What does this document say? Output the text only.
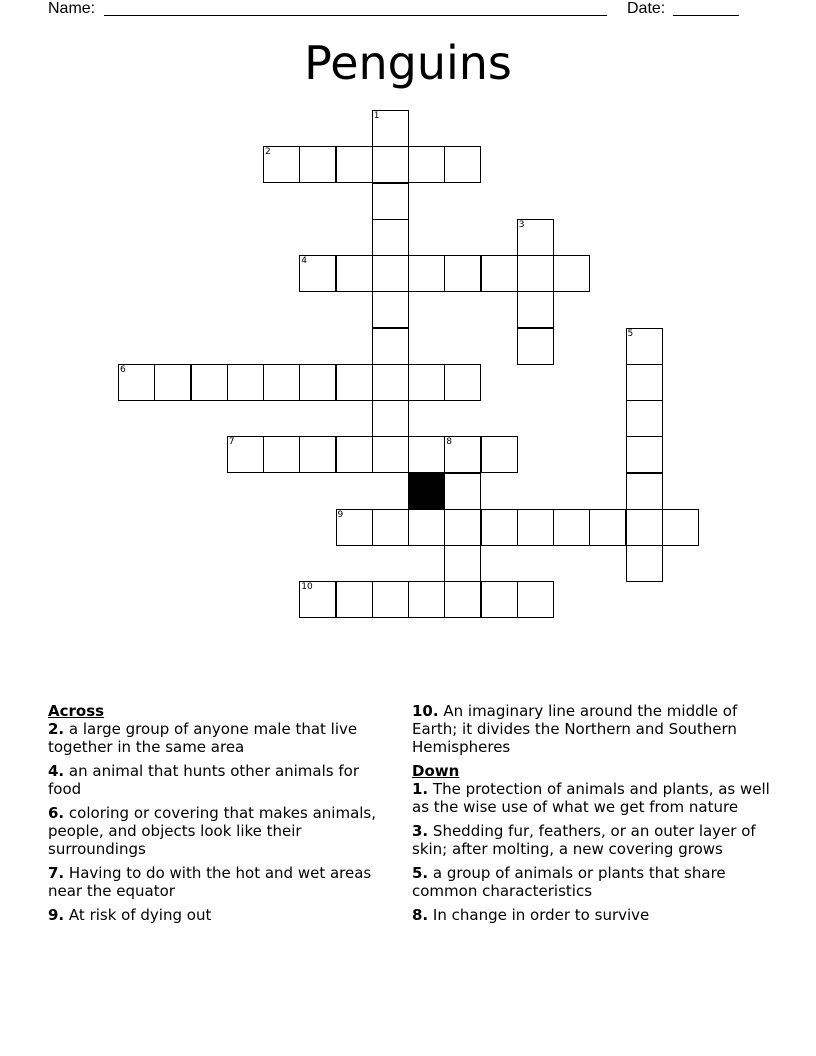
Name:	Date:
Penguins
1
2
3
4
5
6
7	8
9
10

Across

2. a large group of anyone male that live together in the same area

4. an animal that hunts other animals for food

6. coloring or covering that makes animals, people, and objects look like their surroundings

7. Having to do with the hot and wet areas near the equator

9. At risk of dying out

10. An imaginary line around the middle of Earth; it divides the Northern and Southern Hemispheres

Down

1. The protection of animals and plants, as well as the wise use of what we get from nature

3. Shedding fur, feathers, or an outer layer of skin; after molting, a new covering grows

5. a group of animals or plants that share common characteristics

8. In change in order to survive
